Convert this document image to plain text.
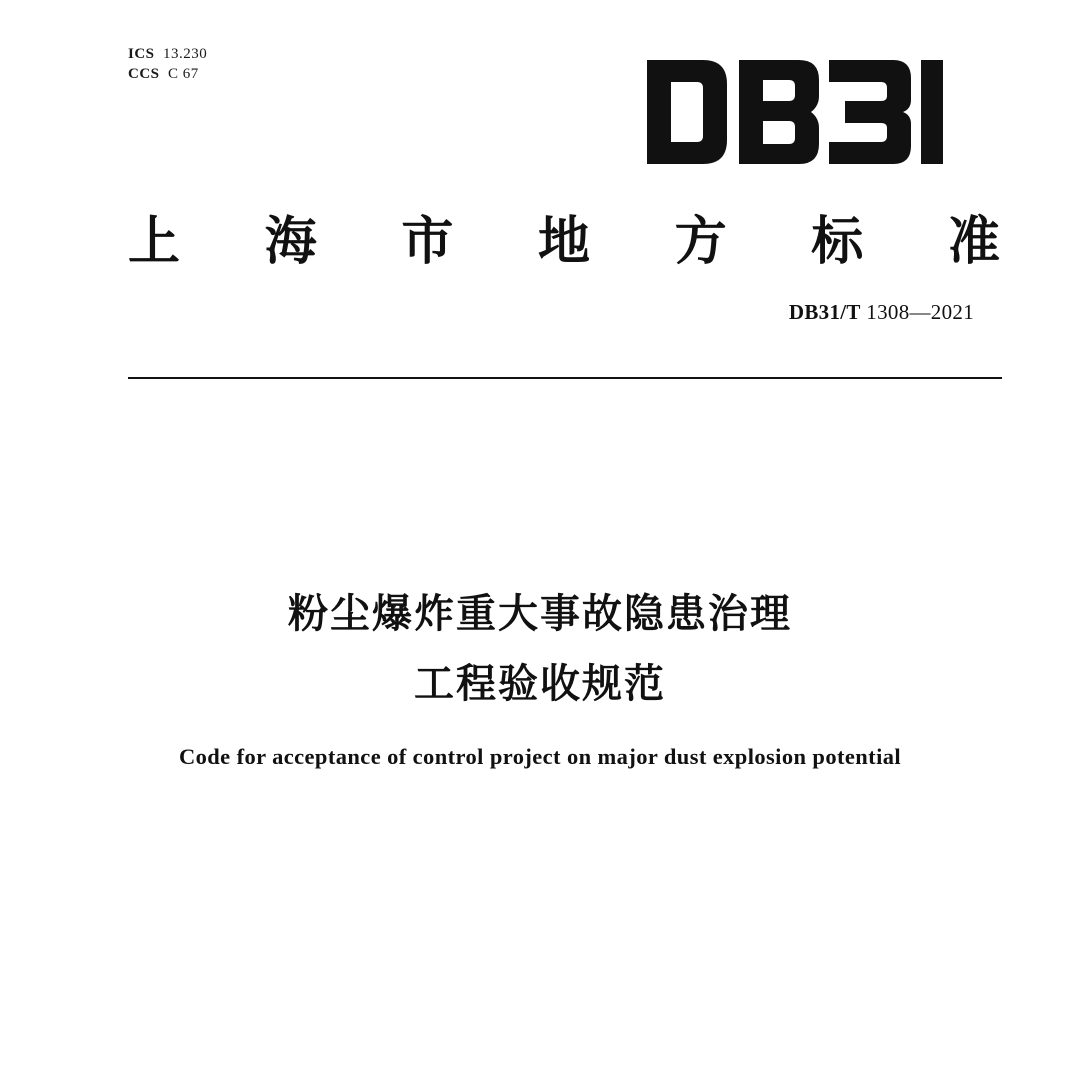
ICS 13.230
CCS C 67
上 海 市 地 方 标 准
DB31/T 1308—2021
粉尘爆炸重大事故隐患治理
工程验收规范
Code for acceptance of control project on major dust explosion potential
